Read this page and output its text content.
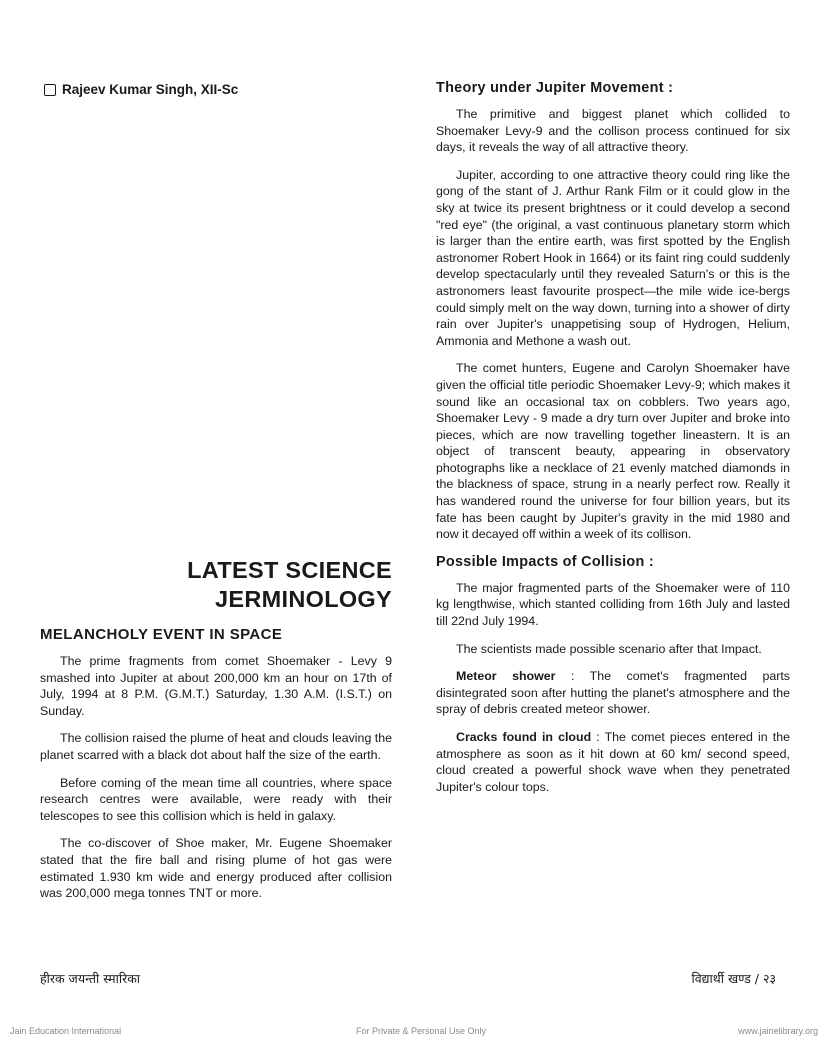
Rajeev Kumar Singh, XII-Sc
LATEST SCIENCE
JERMINOLOGY
MELANCHOLY EVENT IN SPACE

The prime fragments from comet Shoemaker - Levy 9 smashed into Jupiter at about 200,000 km an hour on 17th of July, 1994 at 8 P.M. (G.M.T.) Saturday, 1.30 A.M. (I.S.T.) on Sunday.

The collision raised the plume of heat and clouds leaving the planet scarred with a black dot about half the size of the earth.

Before coming of the mean time all countries, where space research centres were available, were ready with their telescopes to see this collision which is held in galaxy.

The co-discover of Shoe maker, Mr. Eugene Shoemaker stated that the fire ball and rising plume of hot gas were estimated 1.930 km wide and energy produced after collision was 200,000 mega tonnes TNT or more.

Theory under Jupiter Movement :

The primitive and biggest planet which collided to Shoemaker Levy-9 and the collison process continued for six days, it reveals the way of all attractive theory.

Jupiter, according to one attractive theory could ring like the gong of the stant of J. Arthur Rank Film or it could glow in the sky at twice its present brightness or it could develop a second "red eye" (the original, a vast continuous planetary storm which is larger than the entire earth, was first spotted by the English astronomer Robert Hook in 1664) or its faint ring could suddenly develop spectacularly until they revealed Saturn's or this is the astronomers least favourite prospect—the mile wide ice-bergs could simply melt on the way down, turning into a shower of dirty rain over Jupiter's unappetising soup of Hydrogen, Helium, Ammonia and Methone a wash out.

The comet hunters, Eugene and Carolyn Shoemaker have given the official title periodic Shoemaker Levy-9; which makes it sound like an occasional tax on cobblers. Two years ago, Shoemaker Levy - 9 made a dry turn over Jupiter and broke into pieces, which are now travelling together lineastern. It is an object of transcent beauty, appearing in observatory photographs like a necklace of 21 evenly matched diamonds in the blackness of space, strung in a nearly perfect row. Really it has wandered round the universe for four billion years, but its fate has been caught by Jupiter's gravity in the mid 1980 and now it decayed off within a week of its collison.

Possible Impacts of Collision :

The major fragmented parts of the Shoemaker were of 110 kg lengthwise, which stanted colliding from 16th July and lasted till 22nd July 1994.

The scientists made possible scenario after that Impact.

Meteor shower : The comet's fragmented parts disintegrated soon after hutting the planet's atmosphere and the spray of debris created meteor shower.

Cracks found in cloud : The comet pieces entered in the atmosphere as soon as it hit down at 60 km/ second speed, cloud created a powerful shock wave when they penetrated Jupiter's colour tops.

हीरक जयन्ती स्मारिका	विद्यार्थी खण्ड / २३
Jain Education International	For Private & Personal Use Only	www.jainelibrary.org
